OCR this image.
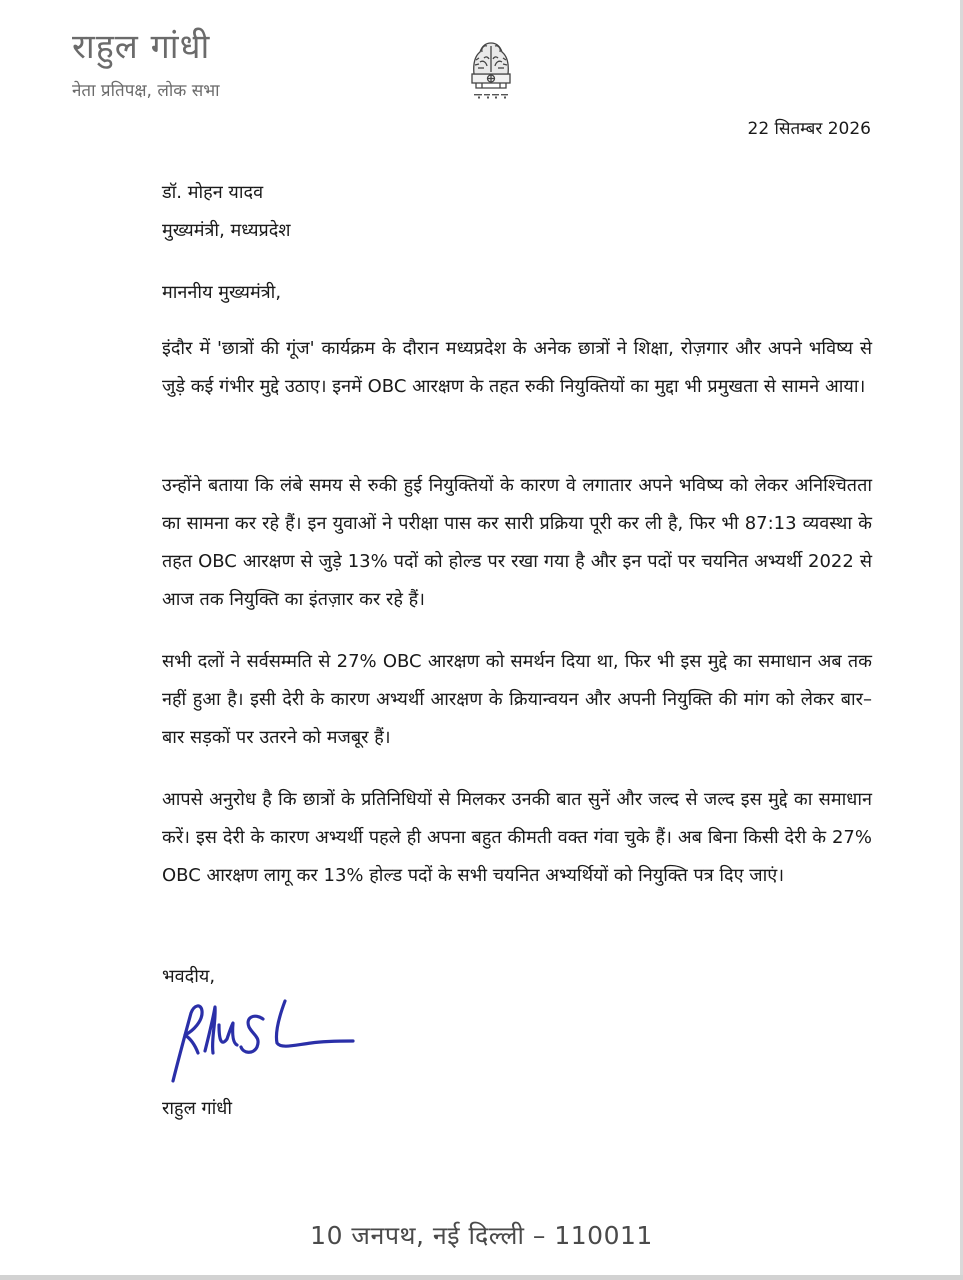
राहुल गांधी
नेता प्रतिपक्ष, लोक सभा
22 सितम्बर 2026
डॉ. मोहन यादव
मुख्यमंत्री, मध्यप्रदेश
माननीय मुख्यमंत्री,

इंदौर में 'छात्रों की गूंज' कार्यक्रम के दौरान मध्यप्रदेश के अनेक छात्रों ने शिक्षा, रोज़गार और अपने भविष्य से जुड़े कई गंभीर मुद्दे उठाए। इनमें OBC आरक्षण के तहत रुकी नियुक्तियों का मुद्दा भी प्रमुखता से सामने आया।

उन्होंने बताया कि लंबे समय से रुकी हुई नियुक्तियों के कारण वे लगातार अपने भविष्य को लेकर अनिश्चितता का सामना कर रहे हैं। इन युवाओं ने परीक्षा पास कर सारी प्रक्रिया पूरी कर ली है, फिर भी 87:13 व्यवस्था के तहत OBC आरक्षण से जुड़े 13% पदों को होल्ड पर रखा गया है और इन पदों पर चयनित अभ्यर्थी 2022 से आज तक नियुक्ति का इंतज़ार कर रहे हैं।

सभी दलों ने सर्वसम्मति से 27% OBC आरक्षण को समर्थन दिया था, फिर भी इस मुद्दे का समाधान अब तक नहीं हुआ है। इसी देरी के कारण अभ्यर्थी आरक्षण के क्रियान्वयन और अपनी नियुक्ति की मांग को लेकर बार–बार सड़कों पर उतरने को मजबूर हैं।

आपसे अनुरोध है कि छात्रों के प्रतिनिधियों से मिलकर उनकी बात सुनें और जल्द से जल्द इस मुद्दे का समाधान करें। इस देरी के कारण अभ्यर्थी पहले ही अपना बहुत कीमती वक्त गंवा चुके हैं। अब बिना किसी देरी के 27% OBC आरक्षण लागू कर 13% होल्ड पदों के सभी चयनित अभ्यर्थियों को नियुक्ति पत्र दिए जाएं।

भवदीय,
राहुल गांधी
10 जनपथ, नई दिल्ली – 110011
